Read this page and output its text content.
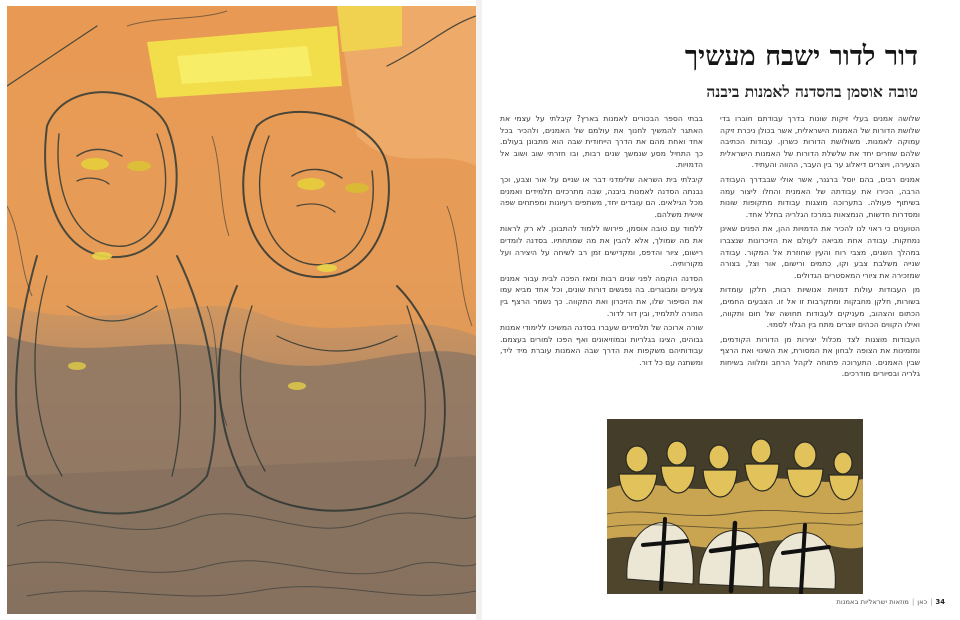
דור לדור ישבח מעשיך
טובה אוסמן בהסדנה לאמנות ביבנה

שלושה אמנים בעלי זיקות שונות בדרך עבודתם חוברו בדי שלושת הדורות של האמנות הישראלית, אשר בכולן ניכרת זיקה עמוקה לאמנות. משולושת הדורות כשרון. עבודות הכתיבה שלהם שוזרים יחד את שלשלת הדורות של האמנות הישראלית הצעירה, ויוצרים דיאלוג ער בין העבר, ההווה והעתיד.

אמנים רבים, בהם יוסל ברגנר, אשר אולי שבבדרך העבודה הרבה, הכירו את עבודתה של האמנית והחלו ליצור עמה בשיתוף פעולה. בתערוכה מוצגות עבודות מתקופות שונות ומסדרות חדשות, הנמצאות במרכז הגלריה בחלל אחד.

הטוענים כי ראוי לנו להכיר את הדמויות ההן, את הפנים שאינן נמחקות. עבודה אחת מביאה לעולם את הזיכרונות שנצברו במהלך השנים, מצבי רוח והעין שחוזרת אל המקור. עבודה שנייה משלבת צבע וקו, כתמים ורישום, אור וצל, בצורה שמזכירה את ציורי המאסטרים הגדולים.

מן העבודות עולות דמויות אנושיות רבות, חלקן עומדות בשורות, חלקן מחבקות ומתקרבות זו אל זו. הצבעים החמים, הכתום והצהוב, מעניקים לעבודות תחושה של חום ותקווה, ואילו הקווים הכהים יוצרים מתח בין הגלוי לסמוי.

העבודות מוצגות לצד מכלול יצירות מן הדורות הקודמים, ומזמינות את הצופה לבחון את המסורת, את השינוי ואת הרצף שבין האמנים. התערוכה פתוחה לקהל הרחב ומלווה בשיחות גלריה ובסיורים מודרכים.

בבתי הספר הבכורים לאמנות בארץ? קיבלתי על עצמי את האתגר להמשיך לחנוך את עולמם של האמנים, ולהכיר בכל אחד ואחת מהם את הדרך הייחודית שבה הוא מתבונן בעולם. כך התחיל מסע שנמשך שנים רבות, ובו חזרתי שוב ושוב אל הדמויות.

קיבלתי בית השראה שלימדני דבר או שניים על אור וצבע, וכך נבנתה הסדנה לאמנות ביבנה, שבה מתרכזים תלמידים ואמנים מכל הגילאים. הם עובדים יחד, משתפים רעיונות ומפתחים שפה אישית משלהם.

ללמוד עם טובה אוסמן, פירושו ללמוד להתבונן. לא רק לראות את מה שמולך, אלא להבין את מה שמתחתיו. בסדנה לומדים רישום, ציור והדפס, ומקדישים זמן רב לשיחה על היצירה ועל מקורותיה.

הסדנה הוקמה לפני שנים רבות ומאז הפכה לבית עבור אמנים צעירים ומבוגרים. בה נפגשים דורות שונים, וכל אחד מביא עמו את הסיפור שלו, את הזיכרון ואת התקווה. כך נשמר הרצף בין המורה לתלמיד, ובין דור לדור.

שורה ארוכה של תלמידים שעברו בסדנה המשיכו ללימודי אמנות גבוהים, הציגו בגלריות ובמוזיאונים ואף הפכו למורים בעצמם. עבודותיהם משקפות את הדרך שבה האמנות עוברת מיד ליד, ומשתנה עם כל דור.

34|כאן|מוזאות ישראליות באמנות
